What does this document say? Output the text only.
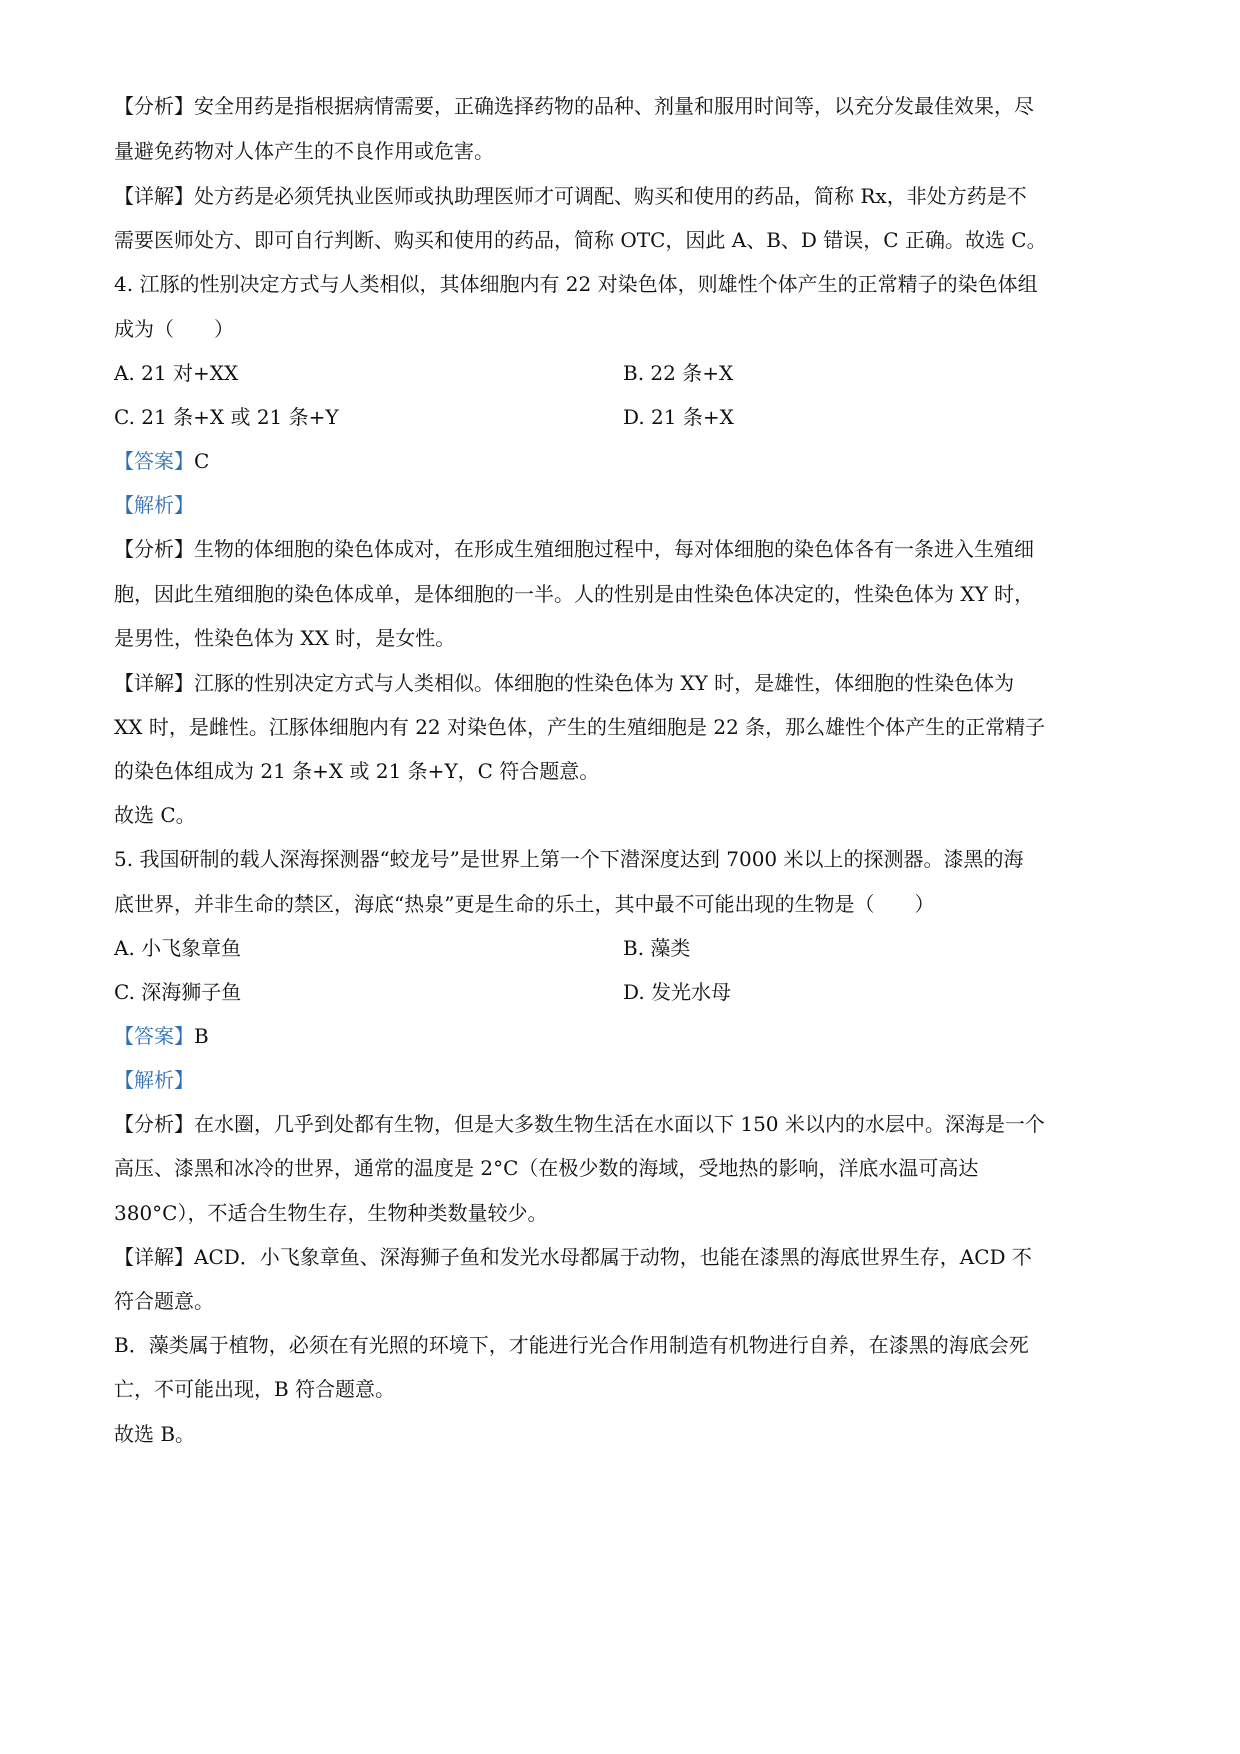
【分析】安全用药是指根据病情需要，正确选择药物的品种、剂量和服用时间等，以充分发最佳效果，尽
量避免药物对人体产生的不良作用或危害。
【详解】处方药是必须凭执业医师或执助理医师才可调配、购买和使用的药品，简称 Rx，非处方药是不
需要医师处方、即可自行判断、购买和使用的药品，简称 OTC，因此 A、B、D 错误，C 正确。故选 C。
4. 江豚的性别决定方式与人类相似，其体细胞内有 22 对染色体，则雄性个体产生的正常精子的染色体组
成为（　　）
A. 21 对+XX	B. 22 条+X
C. 21 条+X 或 21 条+Y	D. 21 条+X
【答案】C
【解析】
【分析】生物的体细胞的染色体成对，在形成生殖细胞过程中，每对体细胞的染色体各有一条进入生殖细
胞，因此生殖细胞的染色体成单，是体细胞的一半。人的性别是由性染色体决定的，性染色体为 XY 时，
是男性，性染色体为 XX 时，是女性。
【详解】江豚的性别决定方式与人类相似。体细胞的性染色体为 XY 时，是雄性，体细胞的性染色体为
XX 时，是雌性。江豚体细胞内有 22 对染色体，产生的生殖细胞是 22 条，那么雄性个体产生的正常精子
的染色体组成为 21 条+X 或 21 条+Y，C 符合题意。
故选 C。
5. 我国研制的载人深海探测器“蛟龙号”是世界上第一个下潜深度达到 7000 米以上的探测器。漆黑的海
底世界，并非生命的禁区，海底“热泉”更是生命的乐土，其中最不可能出现的生物是（　　）
A. 小飞象章鱼	B. 藻类
C. 深海狮子鱼	D. 发光水母
【答案】B
【解析】
【分析】在水圈，几乎到处都有生物，但是大多数生物生活在水面以下 150 米以内的水层中。深海是一个
高压、漆黑和冰冷的世界，通常的温度是 2°C（在极少数的海域，受地热的影响，洋底水温可高达
380°C），不适合生物生存，生物种类数量较少。
【详解】ACD．小飞象章鱼、深海狮子鱼和发光水母都属于动物，也能在漆黑的海底世界生存，ACD 不
符合题意。
B．藻类属于植物，必须在有光照的环境下，才能进行光合作用制造有机物进行自养，在漆黑的海底会死
亡，不可能出现，B 符合题意。
故选 B。
